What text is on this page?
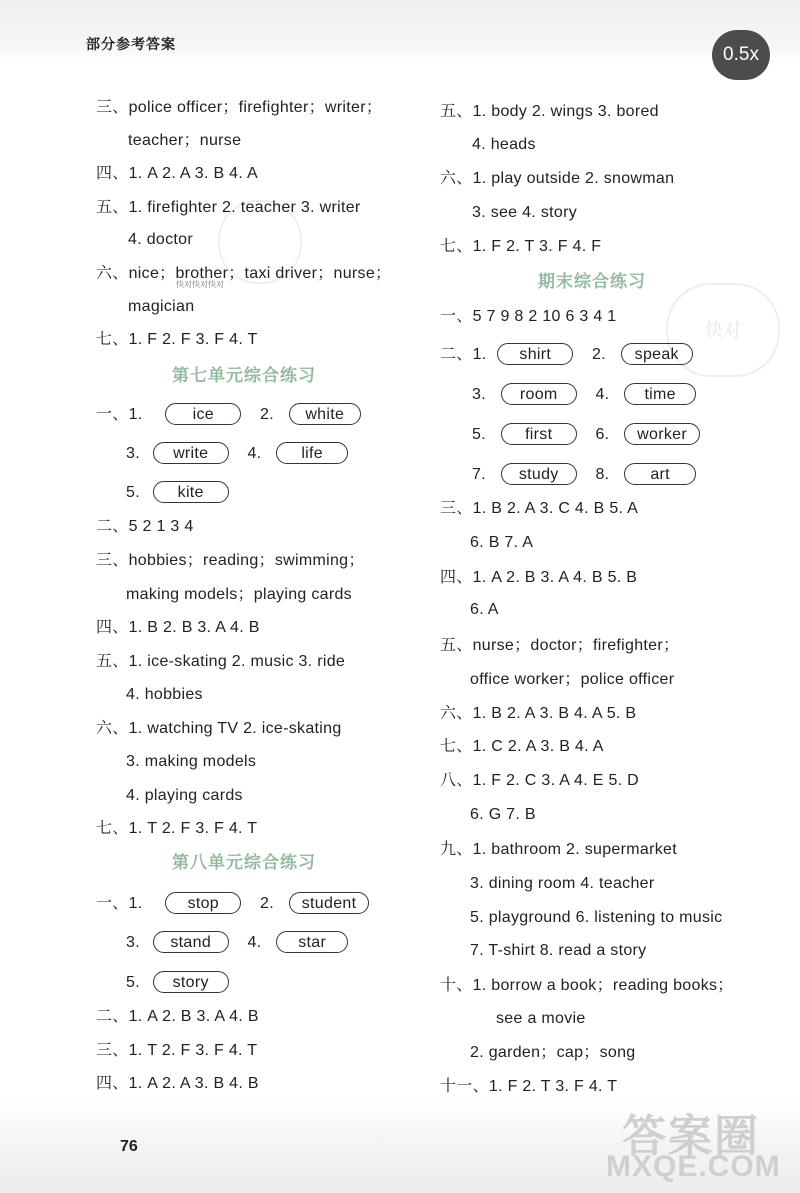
部分参考答案	0.5x
快对快对快对
快对
三、police officer；firefighter；writer；
teacher；nurse
四、1. A 2. A 3. B 4. A
五、1. firefighter 2. teacher 3. writer
4. doctor
六、nice；brother；taxi driver；nurse；
magician
七、1. F 2. F 3. F 4. T
第七单元综合练习
一、1.	ice	2. white
3. write 4. life
5. kite
二、5 2 1 3 4
三、hobbies；reading；swimming；
making models；playing cards
四、1. B 2. B 3. A 4. B
五、1. ice-skating 2. music 3. ride
4. hobbies
六、1. watching TV 2. ice-skating
3. making models
4. playing cards
七、1. T 2. F 3. F 4. T
第八单元综合练习
一、1.	stop	2. student
3. stand 4. star
5. story
二、1. A 2. B 3. A 4. B
三、1. T 2. F 3. F 4. T
四、1. A 2. A 3. B 4. B
五、1. body 2. wings 3. bored
4. heads
六、1. play outside 2. snowman
3. see 4. story
七、1. F 2. T 3. F 4. F
期末综合练习
一、5 7 9 8 2 10 6 3 4 1
二、1. shirt	2. speak
3. room 4. time
5. first	6. worker
7. study 8.	art
三、1. B 2. A 3. C 4. B 5. A
6. B 7. A
四、1. A 2. B 3. A 4. B 5. B
6. A
五、nurse；doctor；firefighter；
office worker；police officer
六、1. B 2. A 3. B 4. A 5. B
七、1. C 2. A 3. B 4. A
八、1. F 2. C 3. A 4. E 5. D
6. G 7. B
九、1. bathroom 2. supermarket
3. dining room 4. teacher
5. playground 6. listening to music
7. T-shirt 8. read a story
十、1. borrow a book；reading books；
see a movie
2. garden；cap；song
十一、1. F 2. T 3. F 4. T
76	答案圈
MXQE.COM
